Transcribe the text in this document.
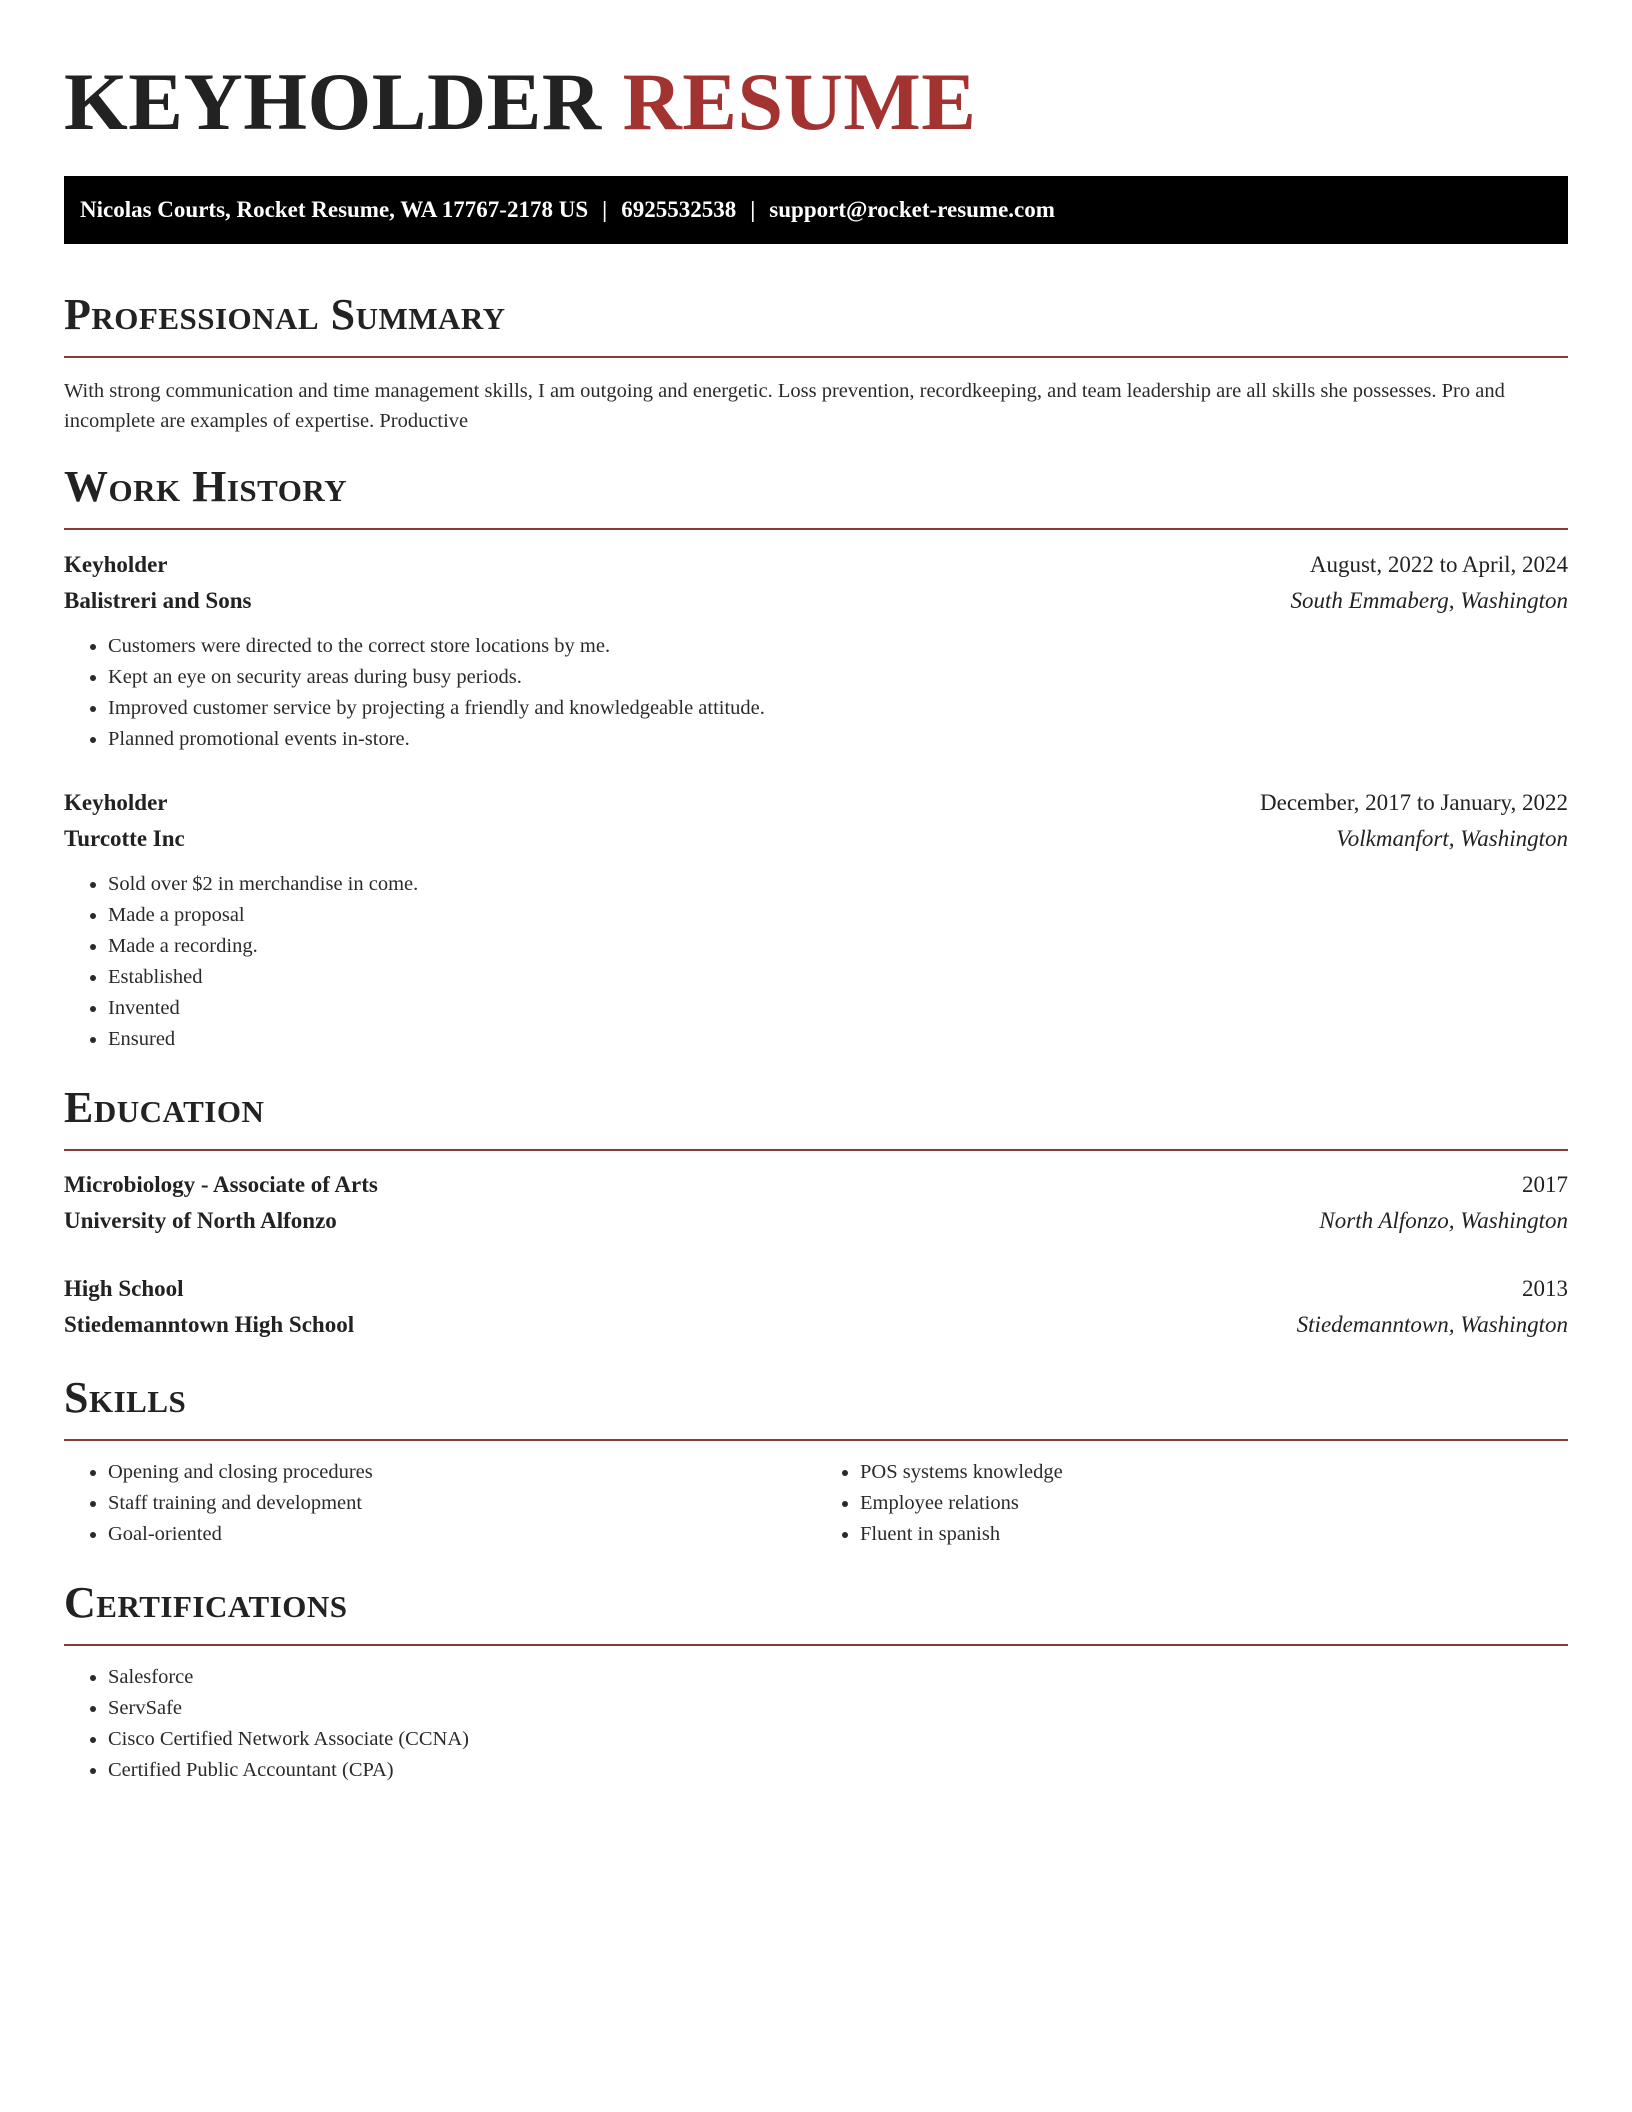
KEYHOLDER RESUME
Nicolas Courts, Rocket Resume, WA 17767-2178 US | 6925532538 | support@rocket-resume.com
Professional Summary

With strong communication and time management skills, I am outgoing and energetic. Loss prevention, recordkeeping, and team leadership are all skills she possesses. Pro and incomplete are examples of expertise. Productive

Work History
Keyholder	August, 2022 to April, 2024
Balistreri and Sons	South Emmaberg, Washington
• Customers were directed to the correct store locations by me.
• Kept an eye on security areas during busy periods.
• Improved customer service by projecting a friendly and knowledgeable attitude.
• Planned promotional events in-store.
Keyholder	December, 2017 to January, 2022
Turcotte Inc	Volkmanfort, Washington
• Sold over $2 in merchandise in come.
• Made a proposal
• Made a recording.
• Established
• Invented
• Ensured
Education
Microbiology - Associate of Arts	2017
University of North Alfonzo	North Alfonzo, Washington
High School	2013
Stiedemanntown High School	Stiedemanntown, Washington
Skills
• Opening and closing procedures
• Staff training and development
• Goal-oriented
• POS systems knowledge
• Employee relations
• Fluent in spanish
Certifications
• Salesforce
• ServSafe
• Cisco Certified Network Associate (CCNA)
• Certified Public Accountant (CPA)
